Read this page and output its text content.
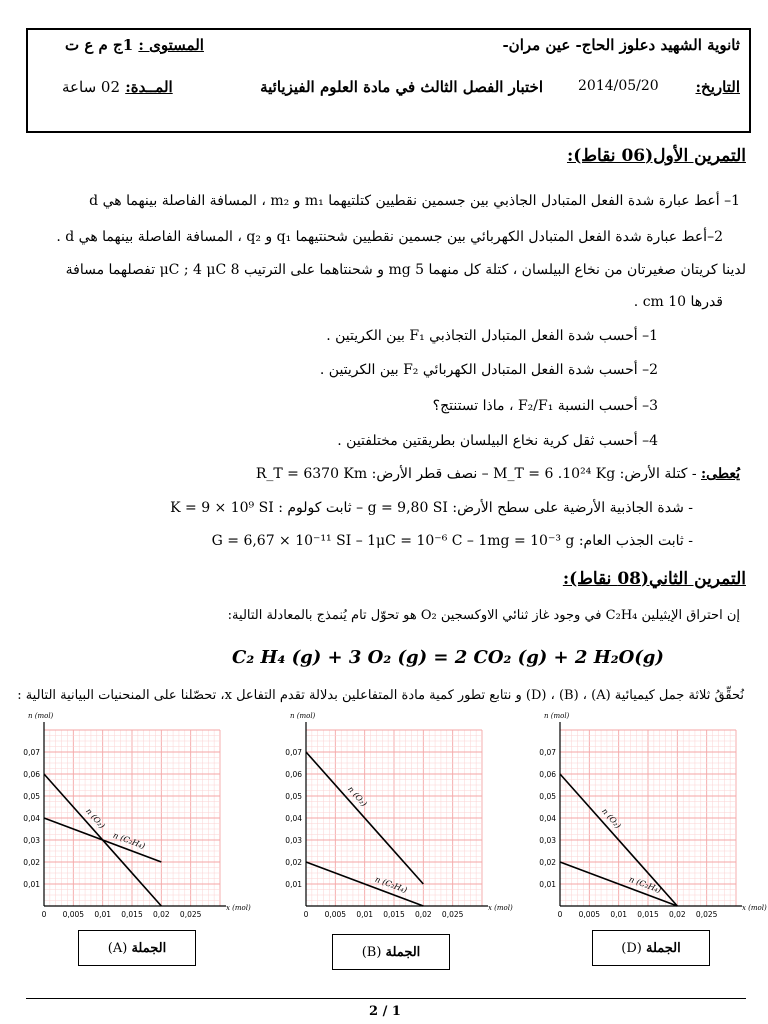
ثانوية الشهيد دعلوز الحاج- عين مران-
المستوى : 1ج م ع ت
التاريخ:
2014/05/20
اختبار الفصل الثالث في مادة العلوم الفيزيائية
المــدة: 02 ساعة
التمرين الأول(06 نقاط):
1– أعط عبارة شدة الفعل المتبادل الجاذبي بين جسمين نقطيين كتلتيهما m₁ و m₂ ، المسافة الفاصلة بينهما هي d
2–أعط عبارة شدة الفعل المتبادل الكهربائي بين جسمين نقطيين شحنتيهما q₁ و q₂ ، المسافة الفاصلة بينهما هي d .
لدينا كريتان صغيرتان من نخاع البيلسان ، كتلة كل منهما 5 mg و شحنتاهما على الترتيب 8 μC ; 4 μC تفصلهما مسافة
قدرها 10 cm .
1– أحسب شدة الفعل المتبادل التجاذبي F₁ بين الكريتين .
2– أحسب شدة الفعل المتبادل الكهربائي F₂ بين الكريتين .
3– أحسب النسبة F₂/F₁ ، ماذا تستنتج؟
4– أحسب ثقل كرية نخاع البيلسان بطريقتين مختلفتين .
يُعطى: - كتلة الأرض: M_T = 6 .10²⁴ Kg – نصف قطر الأرض: R_T = 6370 Km
- شدة الجاذبية الأرضية على سطح الأرض: g = 9,80 SI – ثابت كولوم : K = 9 × 10⁹ SI
- ثابت الجذب العام: G = 6,67 × 10⁻¹¹ SI – 1μC = 10⁻⁶ C – 1mg = 10⁻³ g
التمرين الثاني(08 نقاط):
إن احتراق الإيثيلين C₂H₄ في وجود غاز ثنائي الاوكسجين O₂ هو تحوّل تام يُنمذج بالمعادلة التالية:
C₂ H₄ (g) + 3 O₂ (g) = 2 CO₂ (g) + 2 H₂O(g)
نُحقِّقُ ثلاثة جمل كيميائية (A) ، (B) ، (D) و نتابع تطور كمية مادة المتفاعلين بدلالة تقدم التفاعل x، تحصّلنا على المنحنيات البيانية التالية :
n (mol)
x (mol)
0,07
0,06
0,05
0,04
0,03
0,02
0,01
0 0,005 0,01 0,015 0,02 0,025
n (O₂)
n (C₂H₄)
n (mol)
x (mol)
0,07
0,06
0,05
0,04
0,03
0,02
0,01
0 0,005 0,01 0,015 0,02 0,025
n (O₂)
n (C₂H₄)
n (mol)
x (mol)
0,07
0,06
0,05
0,04
0,03
0,02
0,01
0 0,005 0,01 0,015 0,02 0,025
n (O₂)
n (C₂H₄)
(A) الجملة	(B) الجملة	(D) الجملة
2 / 1
